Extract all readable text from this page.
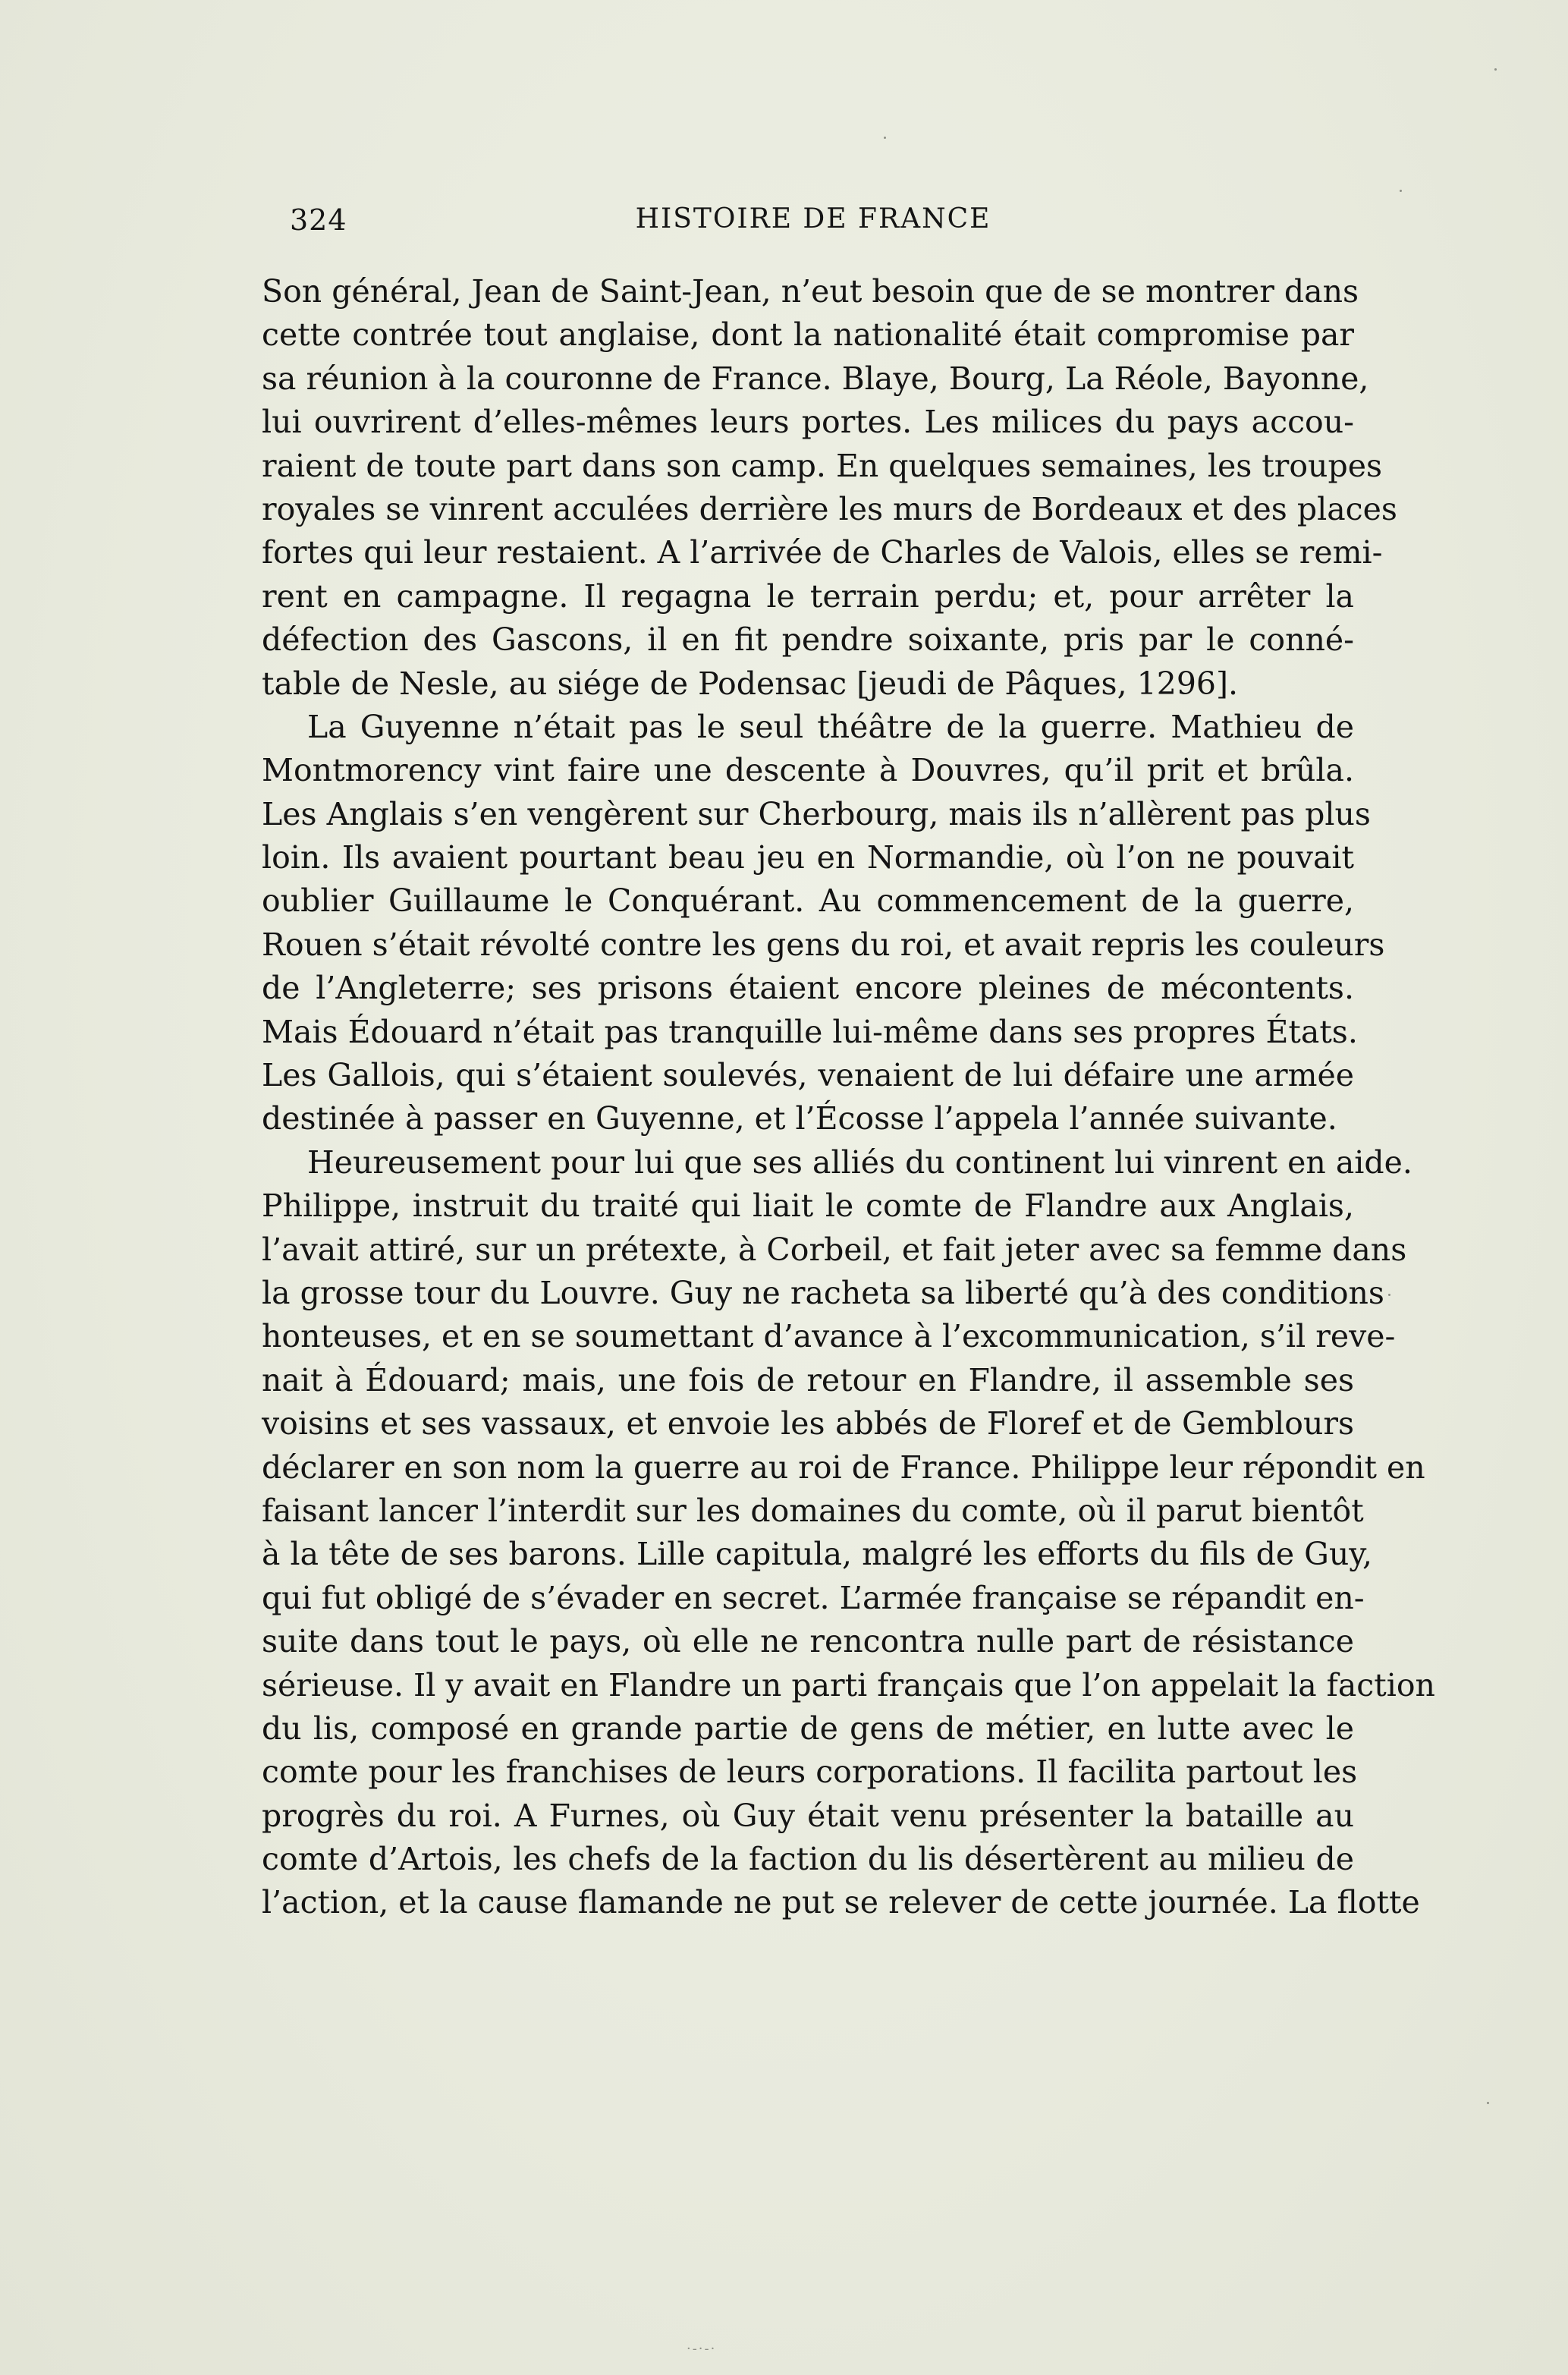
324	HISTOIRE DE FRANCE
Son général, Jean de Saint-Jean, n’eut besoin que de se montrer dans
cette contrée tout anglaise, dont la nationalité était compromise par
sa réunion à la couronne de France. Blaye, Bourg, La Réole, Bayonne,
lui ouvrirent d’elles-mêmes leurs portes. Les milices du pays accou-
raient de toute part dans son camp. En quelques semaines, les troupes
royales se vinrent acculées derrière les murs de Bordeaux et des places
fortes qui leur restaient. A l’arrivée de Charles de Valois, elles se remi-
rent en campagne. Il regagna le terrain perdu; et, pour arrêter la
défection des Gascons, il en fit pendre soixante, pris par le conné-
table de Nesle, au siége de Podensac [jeudi de Pâques, 1296].
La Guyenne n’était pas le seul théâtre de la guerre. Mathieu de
Montmorency vint faire une descente à Douvres, qu’il prit et brûla.
Les Anglais s’en vengèrent sur Cherbourg, mais ils n’allèrent pas plus
loin. Ils avaient pourtant beau jeu en Normandie, où l’on ne pouvait
oublier Guillaume le Conquérant. Au commencement de la guerre,
Rouen s’était révolté contre les gens du roi, et avait repris les couleurs
de l’Angleterre; ses prisons étaient encore pleines de mécontents.
Mais Édouard n’était pas tranquille lui-même dans ses propres États.
Les Gallois, qui s’étaient soulevés, venaient de lui défaire une armée
destinée à passer en Guyenne, et l’Écosse l’appela l’année suivante.
Heureusement pour lui que ses alliés du continent lui vinrent en aide.
Philippe, instruit du traité qui liait le comte de Flandre aux Anglais,
l’avait attiré, sur un prétexte, à Corbeil, et fait jeter avec sa femme dans
la grosse tour du Louvre. Guy ne racheta sa liberté qu’à des conditions
honteuses, et en se soumettant d’avance à l’excommunication, s’il reve-
nait à Édouard; mais, une fois de retour en Flandre, il assemble ses
voisins et ses vassaux, et envoie les abbés de Floref et de Gemblours
déclarer en son nom la guerre au roi de France. Philippe leur répondit en
faisant lancer l’interdit sur les domaines du comte, où il parut bientôt
à la tête de ses barons. Lille capitula, malgré les efforts du fils de Guy,
qui fut obligé de s’évader en secret. L’armée française se répandit en-
suite dans tout le pays, où elle ne rencontra nulle part de résistance
sérieuse. Il y avait en Flandre un parti français que l’on appelait la faction
du lis, composé en grande partie de gens de métier, en lutte avec le
comte pour les franchises de leurs corporations. Il facilita partout les
progrès du roi. A Furnes, où Guy était venu présenter la bataille au
comte d’Artois, les chefs de la faction du lis désertèrent au milieu de
l’action, et la cause flamande ne put se relever de cette journée. La flotte
·-·-·
